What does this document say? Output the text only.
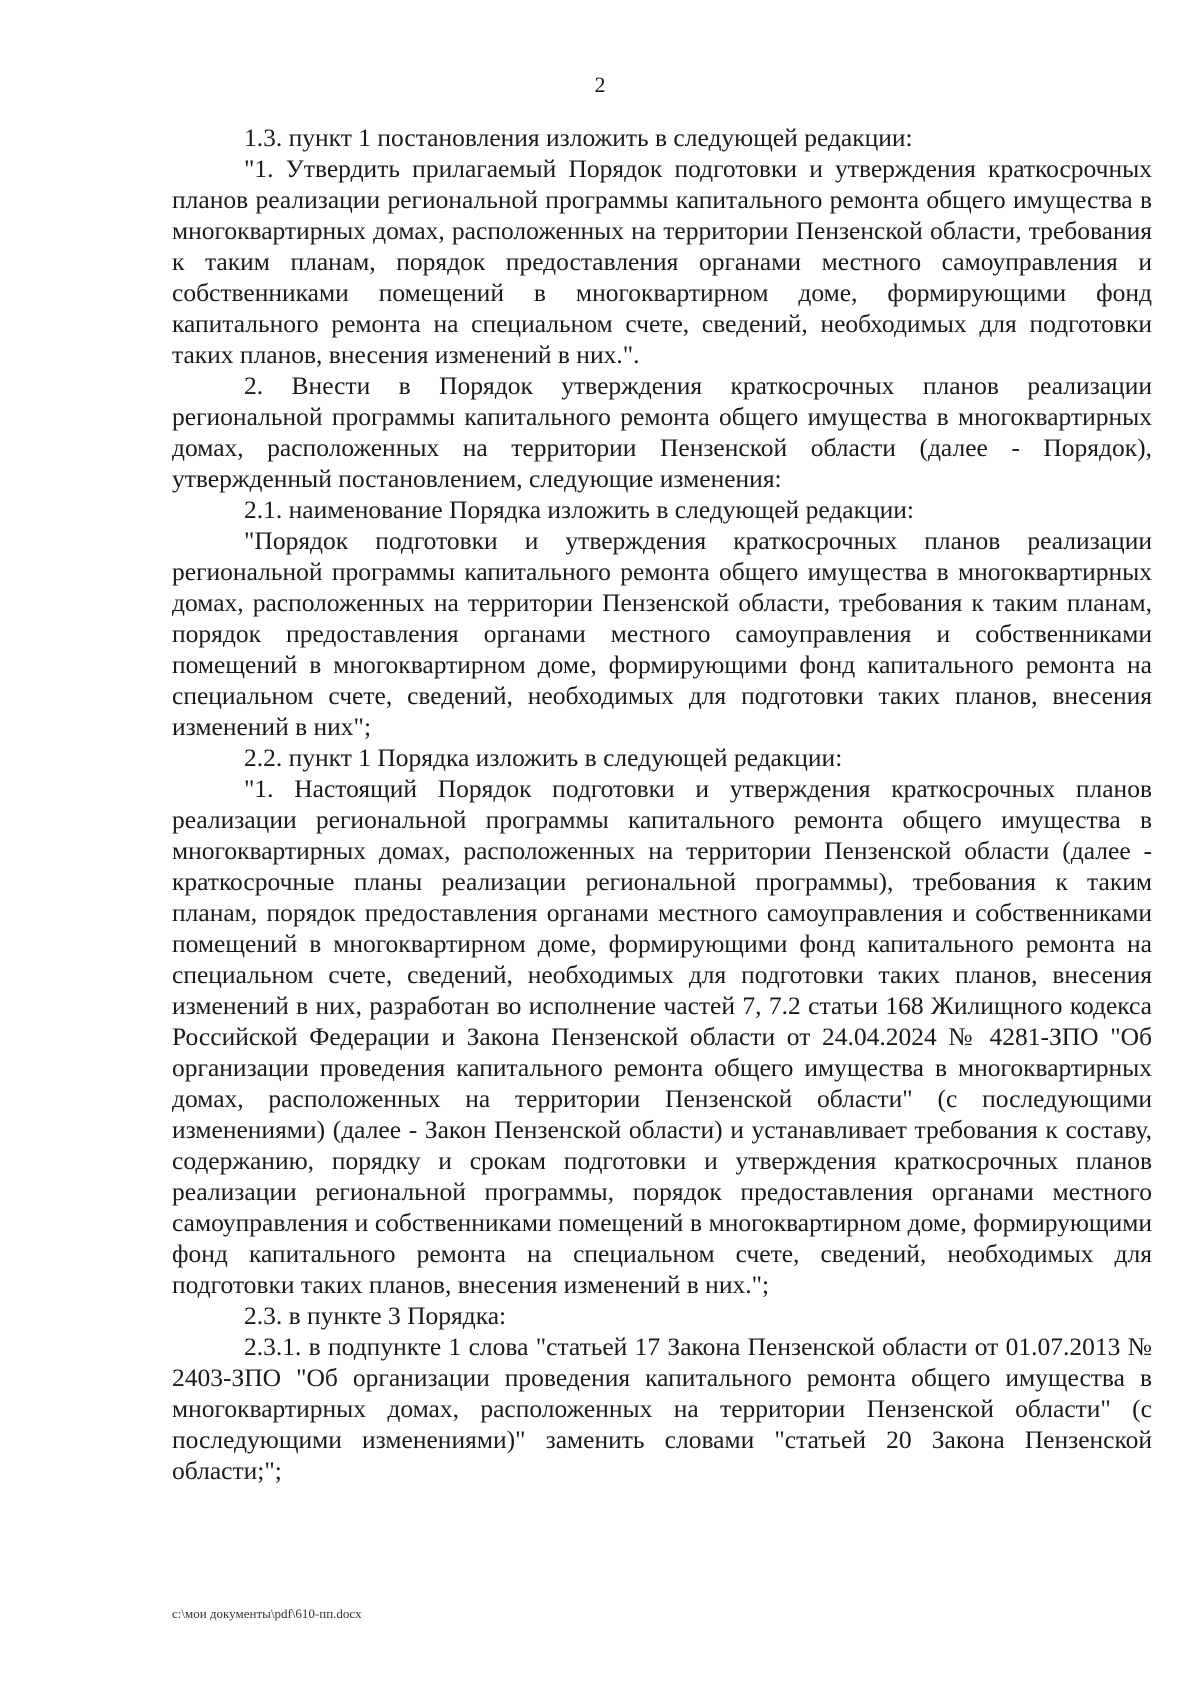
2

1.3. пункт 1 постановления изложить в следующей редакции:

"1. Утвердить прилагаемый Порядок подготовки и утверждения краткосрочных планов реализации региональной программы капитального ремонта общего имущества в многоквартирных домах, расположенных на территории Пензенской области, требования к таким планам, порядок предоставления органами местного самоуправления и собственниками помещений в многоквартирном доме, формирующими фонд капитального ремонта на специальном счете, сведений, необходимых для подготовки таких планов, внесения изменений в них.".

2. Внести в Порядок утверждения краткосрочных планов реализации региональной программы капитального ремонта общего имущества в многоквартирных домах, расположенных на территории Пензенской области (далее - Порядок), утвержденный постановлением, следующие изменения:

2.1. наименование Порядка изложить в следующей редакции:

"Порядок подготовки и утверждения краткосрочных планов реализации региональной программы капитального ремонта общего имущества в многоквартирных домах, расположенных на территории Пензенской области, требования к таким планам, порядок предоставления органами местного самоуправления и собственниками помещений в многоквартирном доме, формирующими фонд капитального ремонта на специальном счете, сведений, необходимых для подготовки таких планов, внесения изменений в них";

2.2. пункт 1 Порядка изложить в следующей редакции:

"1. Настоящий Порядок подготовки и утверждения краткосрочных планов реализации региональной программы капитального ремонта общего имущества в многоквартирных домах, расположенных на территории Пензенской области (далее - краткосрочные планы реализации региональной программы), требования к таким планам, порядок предоставления органами местного самоуправления и собственниками помещений в многоквартирном доме, формирующими фонд капитального ремонта на специальном счете, сведений, необходимых для подготовки таких планов, внесения изменений в них, разработан во исполнение частей 7, 7.2 статьи 168 Жилищного кодекса Российской Федерации и Закона Пензенской области от 24.04.2024 № 4281-ЗПО "Об организации проведения капитального ремонта общего имущества в многоквартирных домах, расположенных на территории Пензенской области" (с последующими изменениями) (далее - Закон Пензенской области) и устанавливает требования к составу, содержанию, порядку и срокам подготовки и утверждения краткосрочных планов реализации региональной программы, порядок предоставления органами местного самоуправления и собственниками помещений в многоквартирном доме, формирующими фонд капитального ремонта на специальном счете, сведений, необходимых для подготовки таких планов, внесения изменений в них.";

2.3. в пункте 3 Порядка:

2.3.1. в подпункте 1 слова "статьей 17 Закона Пензенской области от 01.07.2013 № 2403-ЗПО "Об организации проведения капитального ремонта общего имущества в многоквартирных домах, расположенных на территории Пензенской области" (с последующими изменениями)" заменить словами "статьей 20 Закона Пензенской области;";

c:\мои документы\pdf\610-пп.docx
